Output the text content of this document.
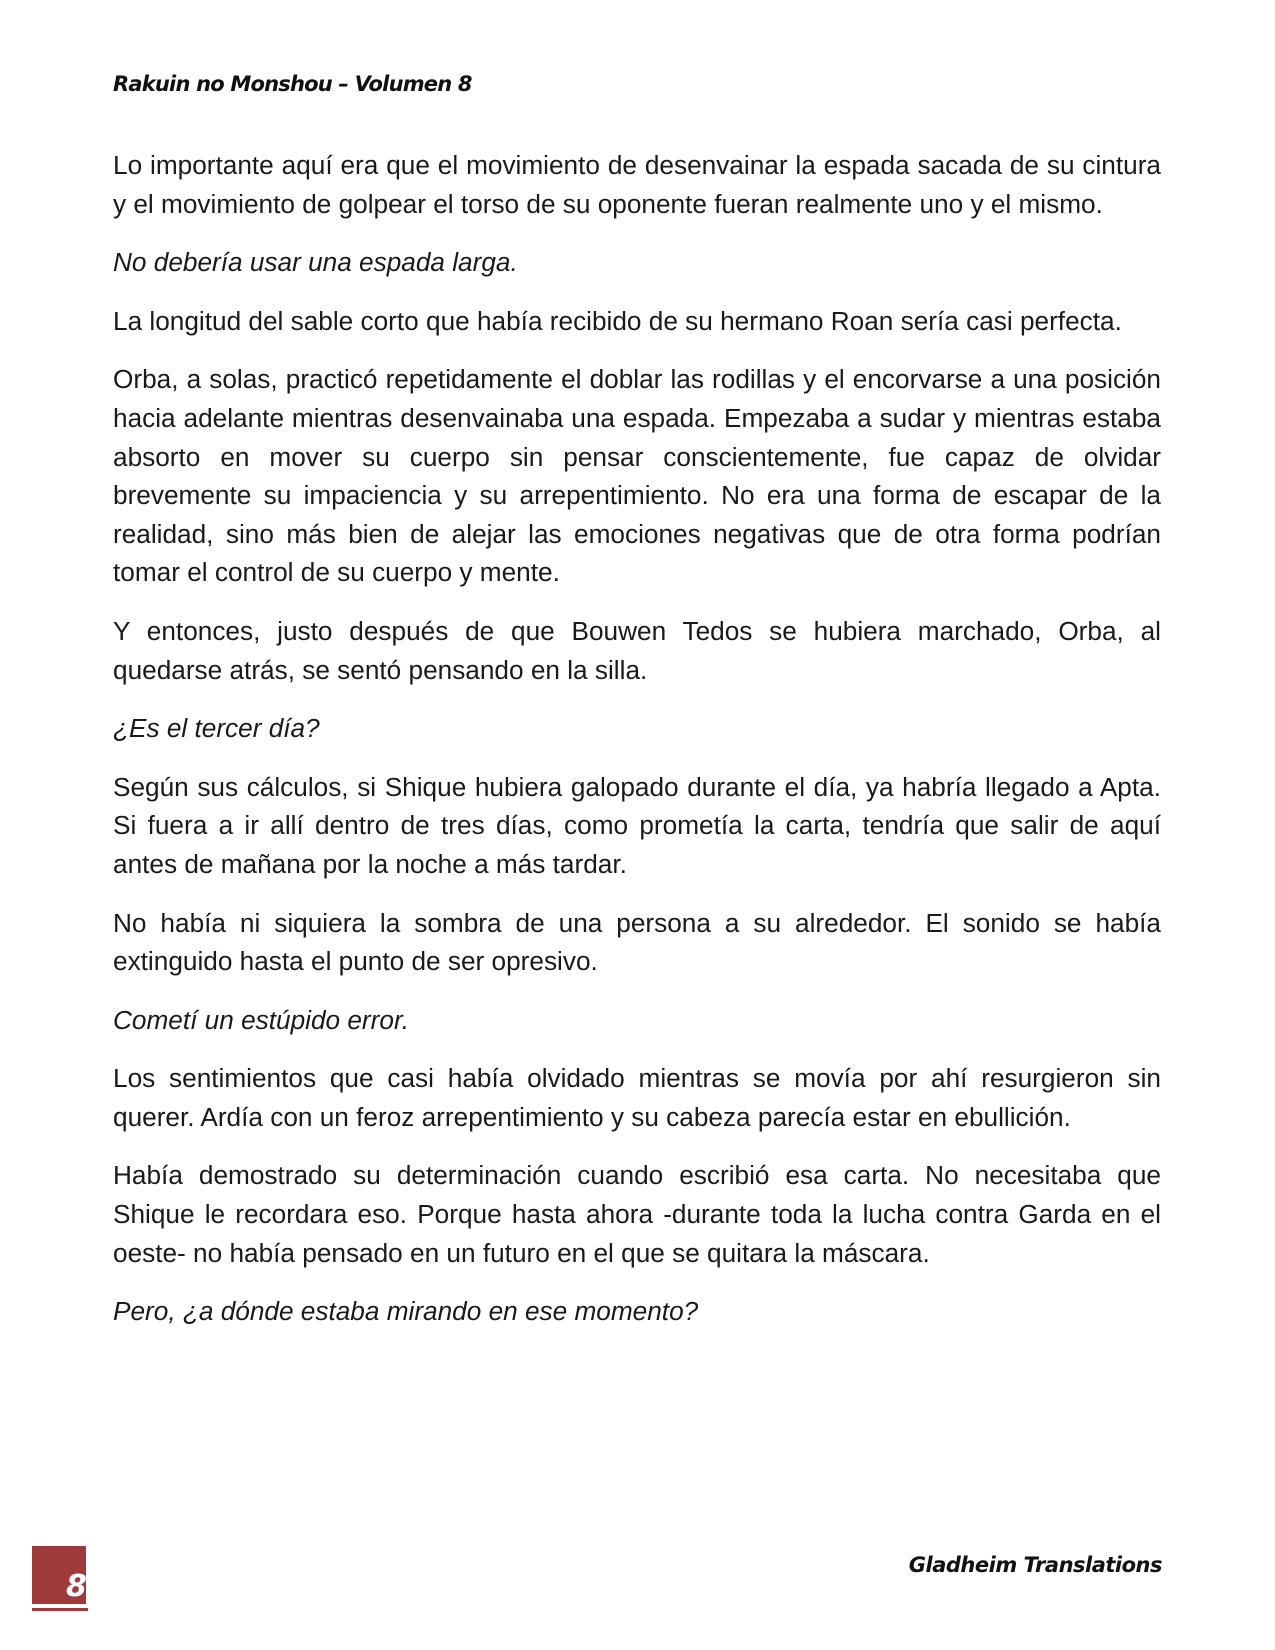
Rakuin no Monshou – Volumen 8

Lo importante aquí era que el movimiento de desenvainar la espada sacada de su cintura y el movimiento de golpear el torso de su oponente fueran realmente uno y el mismo.

No debería usar una espada larga.

La longitud del sable corto que había recibido de su hermano Roan sería casi perfecta.

Orba, a solas, practicó repetidamente el doblar las rodillas y el encorvarse a una posición hacia adelante mientras desenvainaba una espada. Empezaba a sudar y mientras estaba absorto en mover su cuerpo sin pensar conscientemente, fue capaz de olvidar brevemente su impaciencia y su arrepentimiento. No era una forma de escapar de la realidad, sino más bien de alejar las emociones negativas que de otra forma podrían tomar el control de su cuerpo y mente.

Y entonces, justo después de que Bouwen Tedos se hubiera marchado, Orba, al quedarse atrás, se sentó pensando en la silla.

¿Es el tercer día?

Según sus cálculos, si Shique hubiera galopado durante el día, ya habría llegado a Apta. Si fuera a ir allí dentro de tres días, como prometía la carta, tendría que salir de aquí antes de mañana por la noche a más tardar.

No había ni siquiera la sombra de una persona a su alrededor. El sonido se había extinguido hasta el punto de ser opresivo.

Cometí un estúpido error.

Los sentimientos que casi había olvidado mientras se movía por ahí resurgieron sin querer. Ardía con un feroz arrepentimiento y su cabeza parecía estar en ebullición.

Había demostrado su determinación cuando escribió esa carta. No necesitaba que Shique le recordara eso. Porque hasta ahora -durante toda la lucha contra Garda en el oeste- no había pensado en un futuro en el que se quitara la máscara.

Pero, ¿a dónde estaba mirando en ese momento?

8
Gladheim Translations
